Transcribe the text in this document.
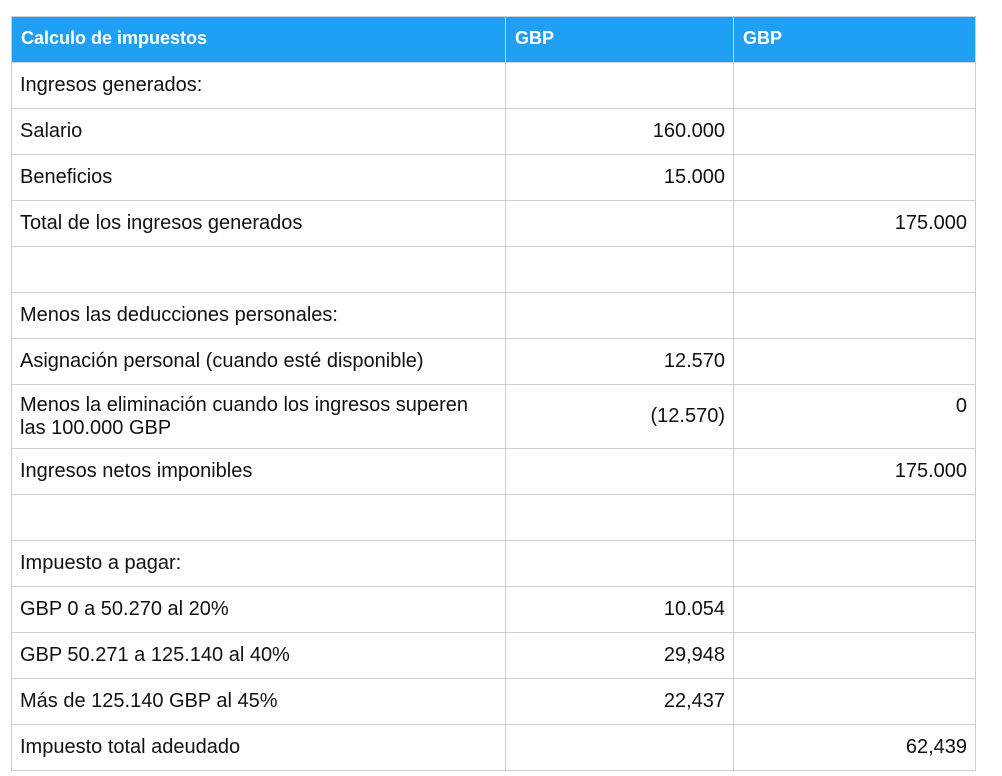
Calculo de impuestos	GBP	GBP
Ingresos generados:		
Salario	160.000	
Beneficios	15.000	
Total de los ingresos generados		175.000

Menos las deducciones personales:		
Asignación personal (cuando esté disponible)	12.570	
Menos la eliminación cuando los ingresos superen las 100.000 GBP	(12.570)	0
Ingresos netos imponibles		175.000

Impuesto a pagar:		
GBP 0 a 50.270 al 20%	10.054	
GBP 50.271 a 125.140 al 40%	29,948	
Más de 125.140 GBP al 45%	22,437	
Impuesto total adeudado		62,439
